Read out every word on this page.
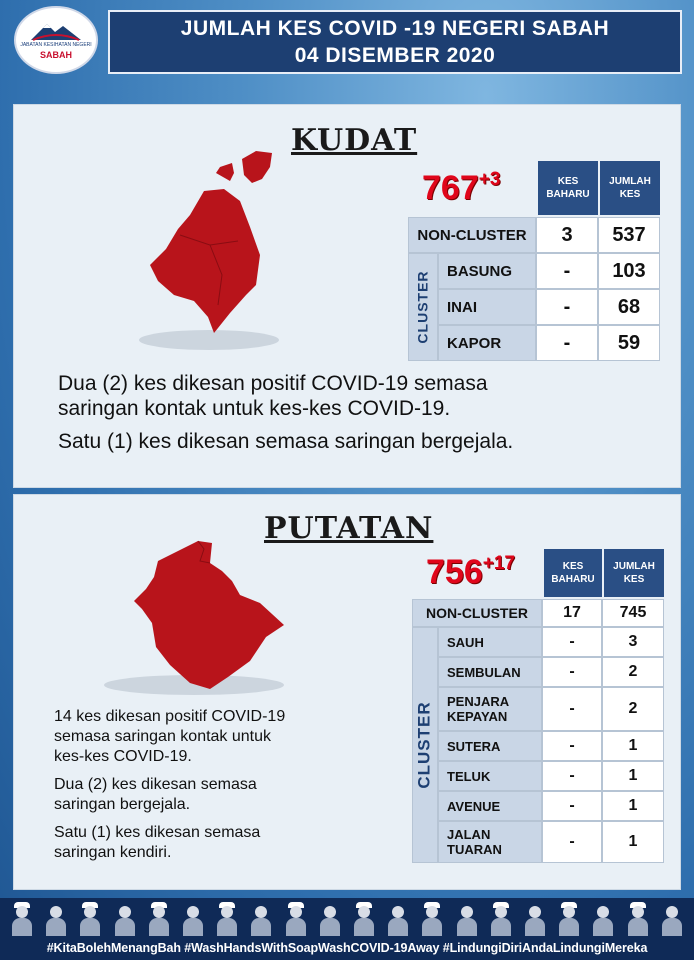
JABATAN KESIHATAN NEGERI
SABAH
JUMLAH KES COVID -19 NEGERI SABAH
04 DISEMBER 2020
KUDAT
$767^{+3}$	KES
BAHARU
JUMLAH
KES
NON-CLUSTER	3	537
CLUSTER	BASUNG	-	103
INAI	-	68
KAPOR	-	59
Dua (2) kes dikesan positif COVID-19 semasa
saringan kontak untuk kes-kes COVID-19.
Satu (1) kes dikesan semasa saringan bergejala.
PUTATAN
$756^{+17}$	KES
BAHARU
JUMLAH
KES
NON-CLUSTER	17	745
CLUSTER
SAUH	-	3
SEMBULAN	-	2
PENJARA
KEPAYAN	-	2
SUTERA	-	1
TELUK	-	1
AVENUE	-	1
JALAN
TUARAN	-	1
14 kes dikesan positif COVID-19
semasa saringan kontak untuk
kes-kes COVID-19.
Dua (2) kes dikesan semasa
saringan bergejala.
Satu (1) kes dikesan semasa
saringan kendiri.
#KitaBolehMenangBah #WashHandsWithSoapWashCOVID-19Away #LindungiDiriAndaLindungiMereka
